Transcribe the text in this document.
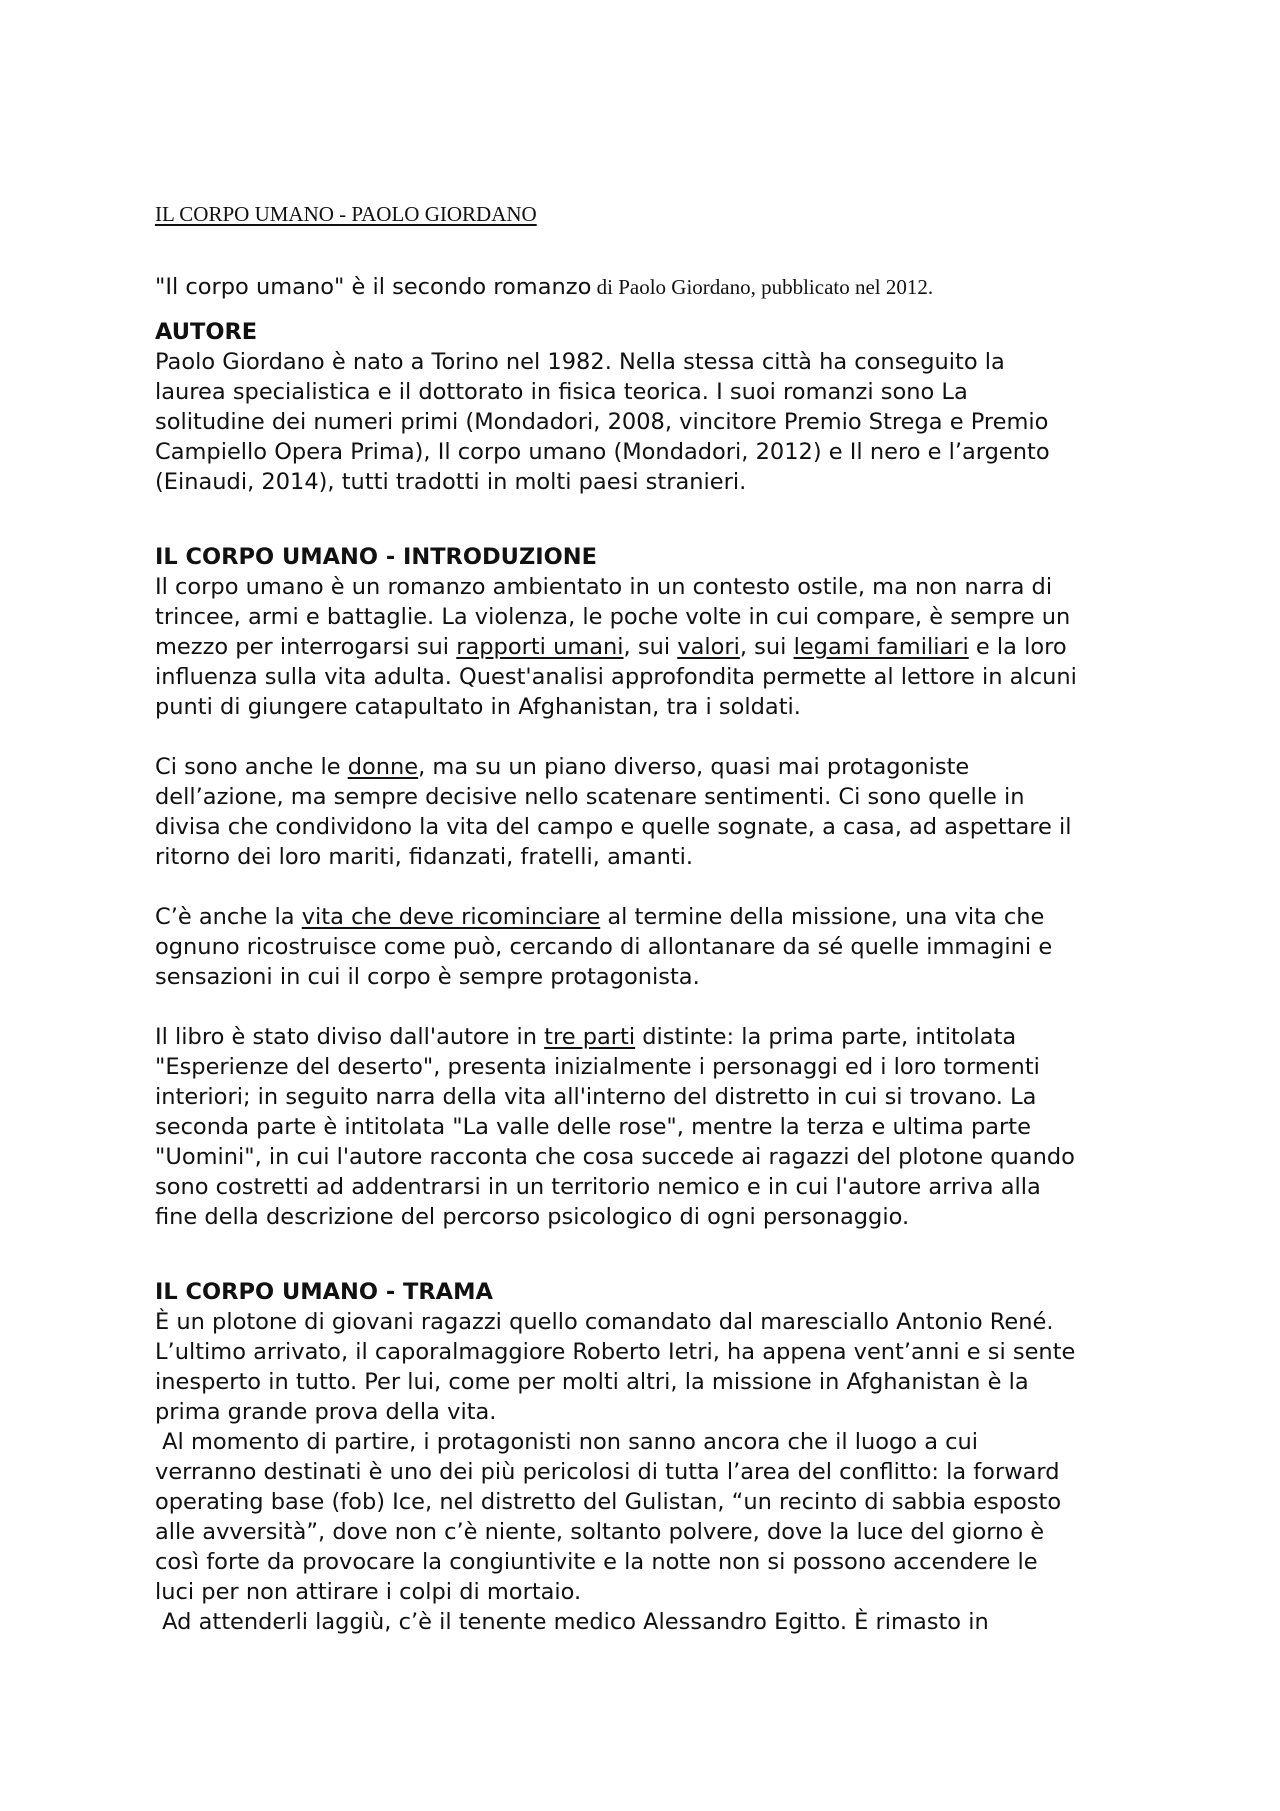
IL CORPO UMANO - PAOLO GIORDANO

"Il corpo umano" è il secondo romanzo di Paolo Giordano, pubblicato nel 2012.

AUTORE

Paolo Giordano è nato a Torino nel 1982. Nella stessa città ha conseguito la
laurea specialistica e il dottorato in fisica teorica. I suoi romanzi sono La
solitudine dei numeri primi (Mondadori, 2008, vincitore Premio Strega e Premio
Campiello Opera Prima), Il corpo umano (Mondadori, 2012) e Il nero e l’argento
(Einaudi, 2014), tutti tradotti in molti paesi stranieri.

IL CORPO UMANO - INTRODUZIONE

Il corpo umano è un romanzo ambientato in un contesto ostile, ma non narra di
trincee, armi e battaglie. La violenza, le poche volte in cui compare, è sempre un
mezzo per interrogarsi sui rapporti umani, sui valori, sui legami familiari e la loro
influenza sulla vita adulta. Quest'analisi approfondita permette al lettore in alcuni
punti di giungere catapultato in Afghanistan, tra i soldati.

Ci sono anche le donne, ma su un piano diverso, quasi mai protagoniste
dell’azione, ma sempre decisive nello scatenare sentimenti. Ci sono quelle in
divisa che condividono la vita del campo e quelle sognate, a casa, ad aspettare il
ritorno dei loro mariti, fidanzati, fratelli, amanti.

C’è anche la vita che deve ricominciare al termine della missione, una vita che
ognuno ricostruisce come può, cercando di allontanare da sé quelle immagini e
sensazioni in cui il corpo è sempre protagonista.

Il libro è stato diviso dall'autore in tre parti distinte: la prima parte, intitolata
"Esperienze del deserto", presenta inizialmente i personaggi ed i loro tormenti
interiori; in seguito narra della vita all'interno del distretto in cui si trovano. La
seconda parte è intitolata "La valle delle rose", mentre la terza e ultima parte
"Uomini", in cui l'autore racconta che cosa succede ai ragazzi del plotone quando
sono costretti ad addentrarsi in un territorio nemico e in cui l'autore arriva alla
fine della descrizione del percorso psicologico di ogni personaggio.

IL CORPO UMANO - TRAMA

È un plotone di giovani ragazzi quello comandato dal maresciallo Antonio René.
L’ultimo arrivato, il caporalmaggiore Roberto Ietri, ha appena vent’anni e si sente
inesperto in tutto. Per lui, come per molti altri, la missione in Afghanistan è la
prima grande prova della vita.
Al momento di partire, i protagonisti non sanno ancora che il luogo a cui
verranno destinati è uno dei più pericolosi di tutta l’area del conflitto: la forward
operating base (fob) Ice, nel distretto del Gulistan, “un recinto di sabbia esposto
alle avversità”, dove non c’è niente, soltanto polvere, dove la luce del giorno è
così forte da provocare la congiuntivite e la notte non si possono accendere le
luci per non attirare i colpi di mortaio.
Ad attenderli laggiù, c’è il tenente medico Alessandro Egitto. È rimasto in
